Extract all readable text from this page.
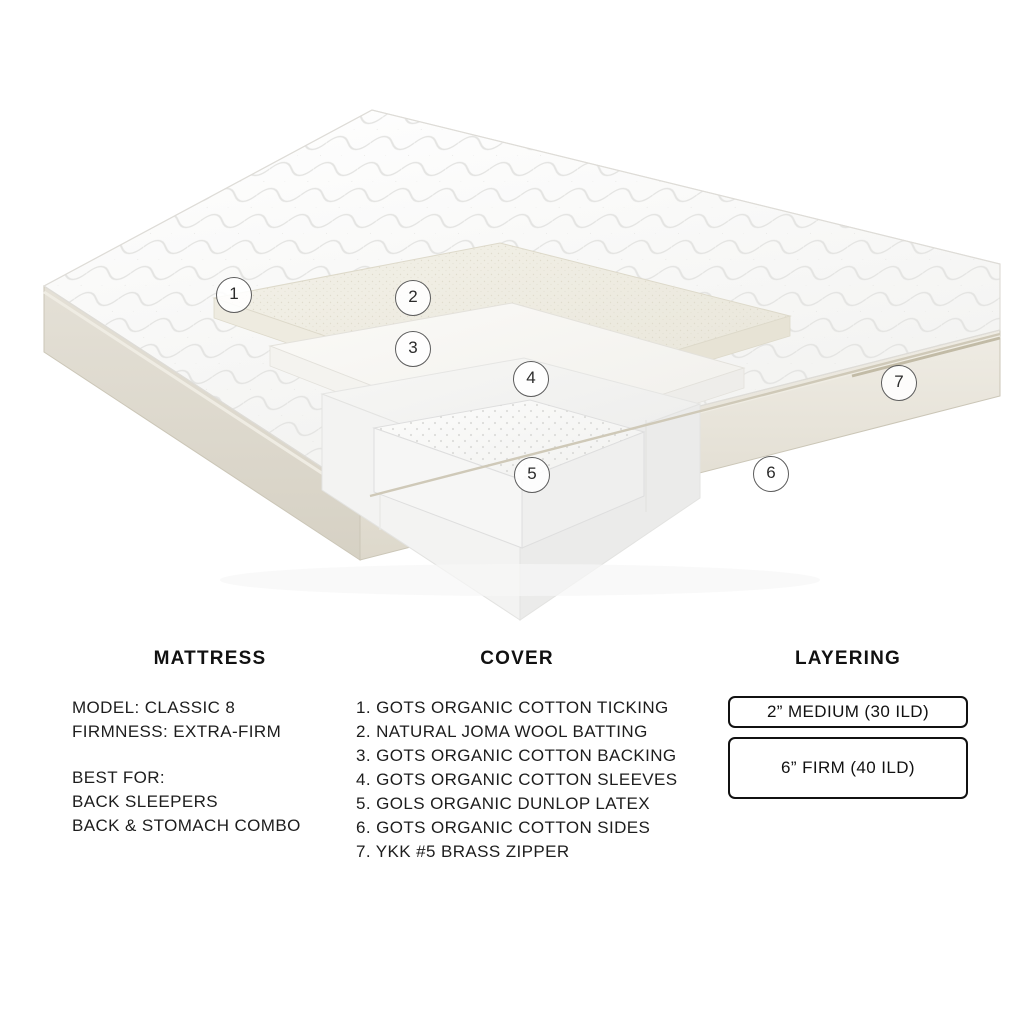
1	2
3
4
5	6
7
MATTRESS
MODEL: CLASSIC 8
FIRMNESS: EXTRA-FIRM
BEST FOR:
BACK SLEEPERS
BACK & STOMACH COMBO
COVER
1. GOTS ORGANIC COTTON TICKING
2. NATURAL JOMA WOOL BATTING
3. GOTS ORGANIC COTTON BACKING
4. GOTS ORGANIC COTTON SLEEVES
5. GOLS ORGANIC DUNLOP LATEX
6. GOTS ORGANIC COTTON SIDES
7. YKK #5 BRASS ZIPPER
LAYERING
2” MEDIUM (30 ILD)
6” FIRM (40 ILD)
